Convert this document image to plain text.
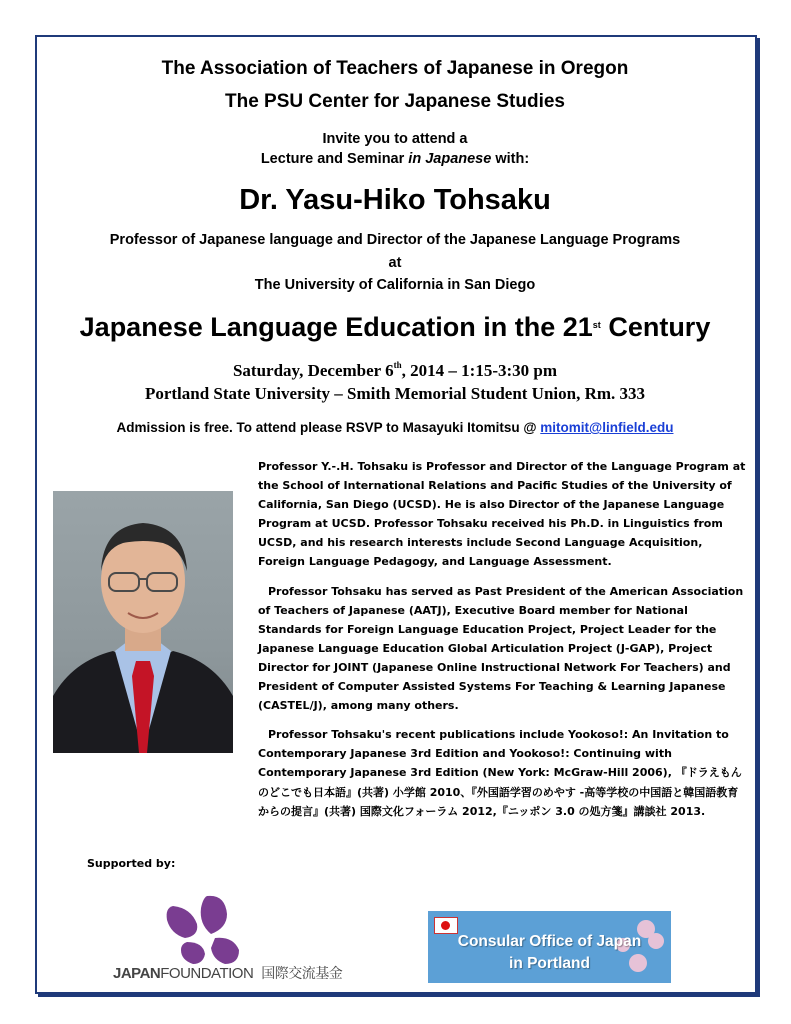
The Association of Teachers of Japanese in Oregon
The PSU Center for Japanese Studies
Invite you to attend a
Lecture and Seminar in Japanese with:
Dr. Yasu-Hiko Tohsaku
Professor of Japanese language and Director of the Japanese Language Programs
at
The University of California in San Diego
Japanese Language Education in the 21st Century
Saturday, December 6th, 2014 – 1:15-3:30 pm
Portland State University – Smith Memorial Student Union, Rm. 333
Admission is free. To attend please RSVP to Masayuki Itomitsu @ mitomit@linfield.edu

Professor Y.-.H. Tohsaku is Professor and Director of the Language Program at the School of International Relations and Pacific Studies of the University of California, San Diego (UCSD). He is also Director of the Japanese Language Program at UCSD. Professor Tohsaku received his Ph.D. in Linguistics from UCSD, and his research interests include Second Language Acquisition, Foreign Language Pedagogy, and Language Assessment.

Professor Tohsaku has served as Past President of the American Association of Teachers of Japanese (AATJ), Executive Board member for National Standards for Foreign Language Education Project, Project Leader for the Japanese Language Education Global Articulation Project (J‐GAP), Project Director for JOINT (Japanese Online Instructional Network For Teachers) and President of Computer Assisted Systems For Teaching & Learning Japanese (CASTEL/J), among many others.

Professor Tohsaku's recent publications include Yookoso!: An Invitation to Contemporary Japanese 3rd Edition and Yookoso!: Continuing with Contemporary Japanese 3rd Edition (New York: McGraw-Hill 2006), 『ドラえもんのどこでも日本語』(共著) 小学館 2010、『外国語学習のめやす -高等学校の中国語と韓国語教育からの提言』(共著) 国際文化フォーラム 2012,『ニッポン 3.0 の処方箋』講談社 2013.

Supported by:
JAPANFOUNDATION 国際交流基金
Consular Office of Japan
in Portland
